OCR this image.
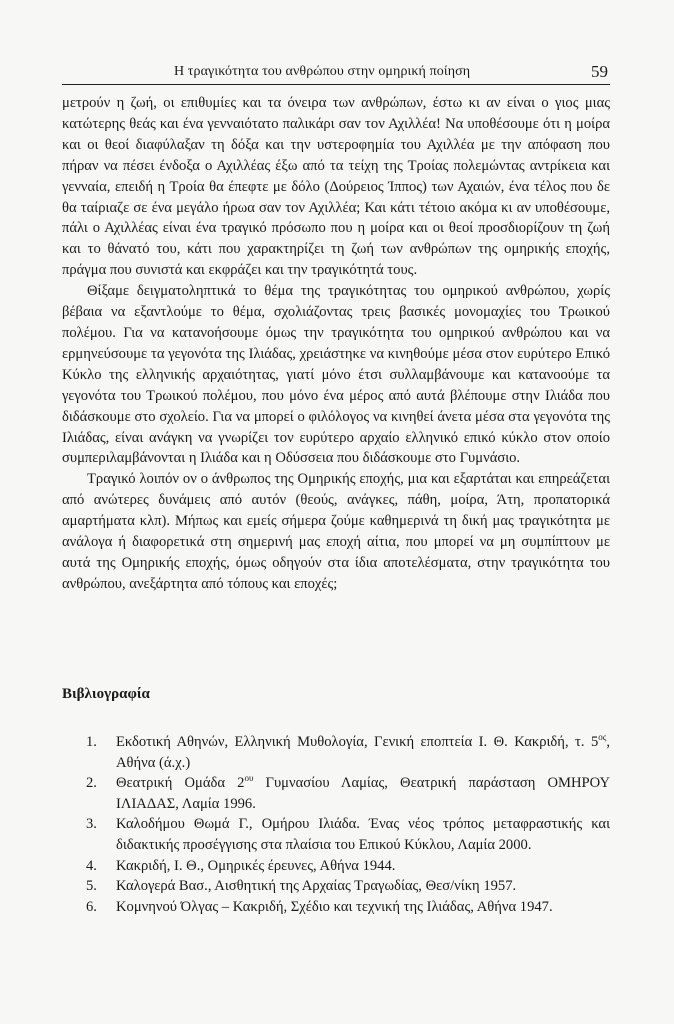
Η τραγικότητα του ανθρώπου στην ομηρική ποίηση	59

μετρούν η ζωή, οι επιθυμίες και τα όνειρα των ανθρώπων, έστω κι αν είναι ο γιος μιας κατώτερης θεάς και ένα γενναιότατο παλικάρι σαν τον Αχιλλέα! Να υποθέσουμε ότι η μοίρα και οι θεοί διαφύλαξαν τη δόξα και την υστεροφημία του Αχιλλέα με την απόφαση που πήραν να πέσει ένδοξα ο Αχιλλέας έξω από τα τείχη της Τροίας πολεμώντας αντρίκεια και γενναία, επειδή η Τροία θα έπεφτε με δόλο (Δούρειος Ίππος) των Αχαιών, ένα τέλος που δε θα ταίριαζε σε ένα μεγάλο ήρωα σαν τον Αχιλλέα; Και κάτι τέτοιο ακόμα κι αν υποθέσουμε, πάλι ο Αχιλλέας είναι ένα τραγικό πρόσωπο που η μοίρα και οι θεοί προσδιορίζουν τη ζωή και το θάνατό του, κάτι που χαρακτηρίζει τη ζωή των ανθρώπων της ομηρικής εποχής, πράγμα που συνιστά και εκφράζει και την τραγικότητά τους.

Θίξαμε δειγματοληπτικά το θέμα της τραγικότητας του ομηρικού ανθρώπου, χωρίς βέβαια να εξαντλούμε το θέμα, σχολιάζοντας τρεις βασικές μονομαχίες του Τρωικού πολέμου. Για να κατανοήσουμε όμως την τραγικότητα του ομηρικού ανθρώπου και να ερμηνεύσουμε τα γεγονότα της Ιλιάδας, χρειάστηκε να κινηθούμε μέσα στον ευρύτερο Επικό Κύκλο της ελληνικής αρχαιότητας, γιατί μόνο έτσι συλλαμβάνουμε και κατανοούμε τα γεγονότα του Τρωικού πολέμου, που μόνο ένα μέρος από αυτά βλέπουμε στην Ιλιάδα που διδάσκουμε στο σχολείο. Για να μπορεί ο φιλόλογος να κινηθεί άνετα μέσα στα γεγονότα της Ιλιάδας, είναι ανάγκη να γνωρίζει τον ευρύτερο αρχαίο ελληνικό επικό κύκλο στον οποίο συμπεριλαμβάνονται η Ιλιάδα και η Οδύσσεια που διδάσκουμε στο Γυμνάσιο.

Τραγικό λοιπόν ον ο άνθρωπος της Ομηρικής εποχής, μια και εξαρτάται και επηρεάζεται από ανώτερες δυνάμεις από αυτόν (θεούς, ανάγκες, πάθη, μοίρα, Άτη, προπατορικά αμαρτήματα κλπ). Μήπως και εμείς σήμερα ζούμε καθημερινά τη δική μας τραγικότητα με ανάλογα ή διαφορετικά στη σημερινή μας εποχή αίτια, που μπορεί να μη συμπίπτουν με αυτά της Ομηρικής εποχής, όμως οδηγούν στα ίδια αποτελέσματα, στην τραγικότητα του ανθρώπου, ανεξάρτητα από τόπους και εποχές;

Βιβλιογραφία
1. Εκδοτική Αθηνών, Ελληνική Μυθολογία, Γενική εποπτεία Ι. Θ. Κακριδή, τ. $5^{o\varsigma}$, Αθήνα (ά.χ.)
2. Θεατρική Ομάδα $2^{o\upsilon}$ Γυμνασίου Λαμίας, Θεατρική παράσταση ΟΜΗΡΟΥ ΙΛΙΑΔΑΣ, Λαμία 1996.
3. Καλοδήμου Θωμά Γ., Ομήρου Ιλιάδα. Ένας νέος τρόπος μεταφραστικής και διδακτικής προσέγγισης στα πλαίσια του Επικού Κύκλου, Λαμία 2000.
4. Κακριδή, Ι. Θ., Ομηρικές έρευνες, Αθήνα 1944.
5. Καλογερά Βασ., Αισθητική της Αρχαίας Τραγωδίας, Θεσ/νίκη 1957.
6. Κομνηνού Όλγας – Κακριδή, Σχέδιο και τεχνική της Ιλιάδας, Αθήνα 1947.
